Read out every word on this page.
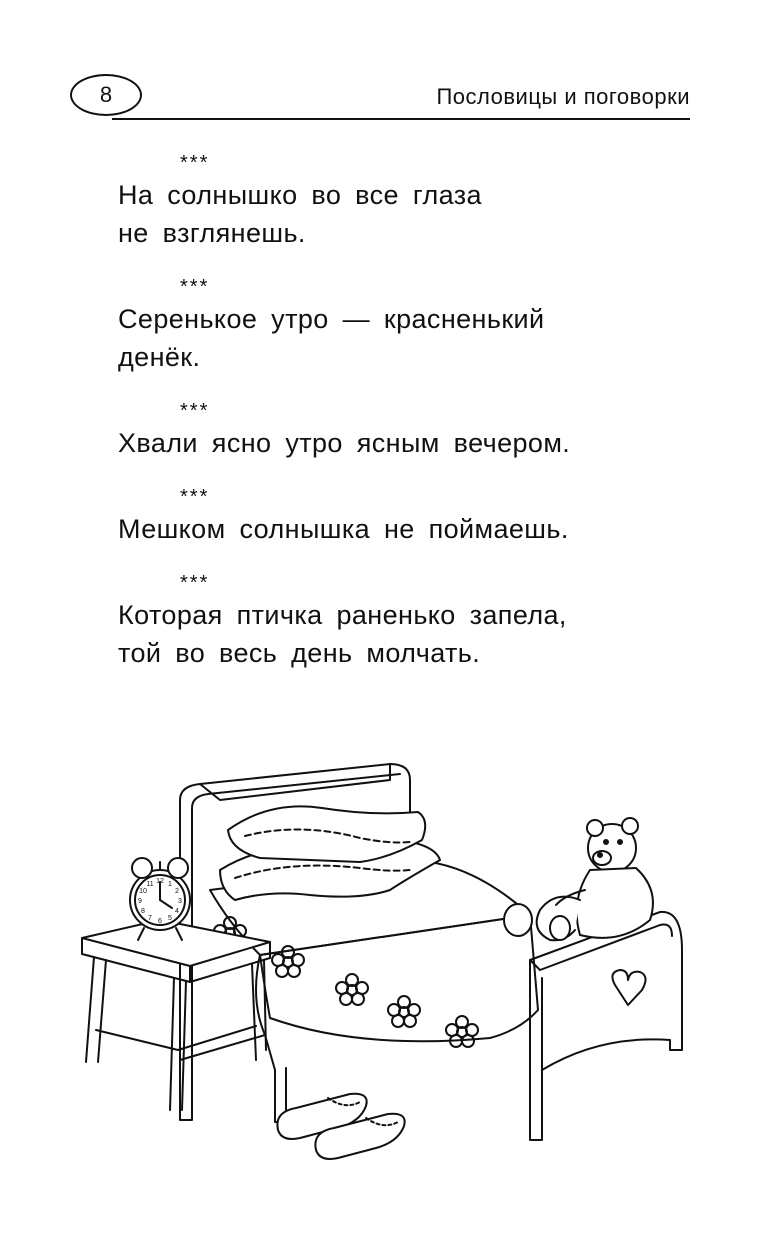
8	Пословицы и поговорки
***
На солнышко во все глаза
не взглянешь.
***
Серенькое утро — красненький
денёк.
***
Хвали ясно утро ясным вечером.
***
Мешком солнышка не поймаешь.
***
Которая птичка раненько запела,
той во весь день молчать.
12 1
2
3
4
5
6
7
8
9
10
11
